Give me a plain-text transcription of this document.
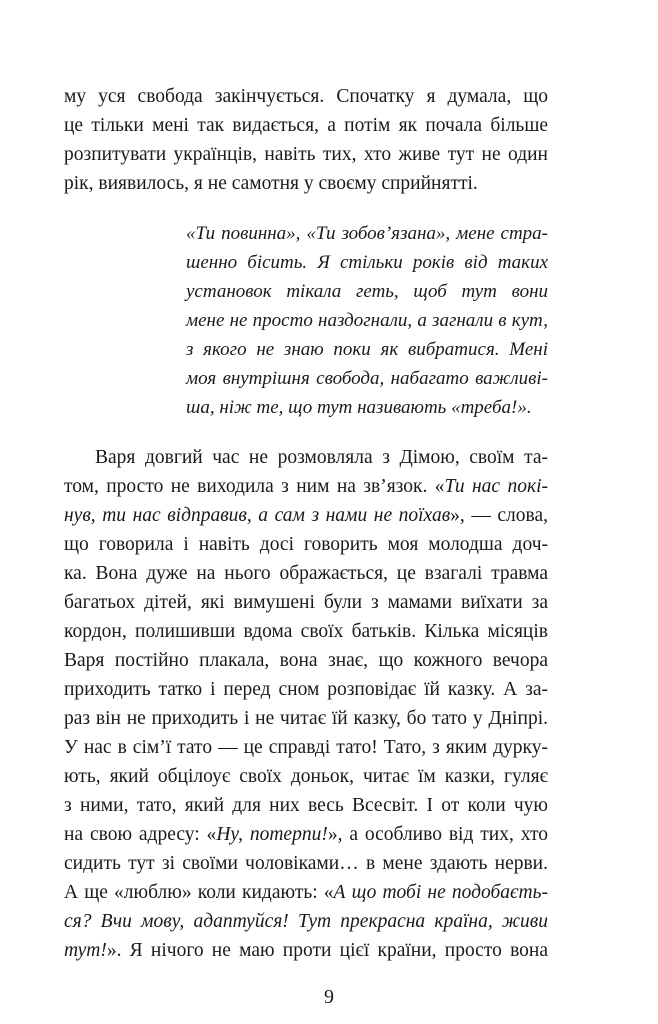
му уся свобода закінчується. Спочатку я думала, що
це тільки мені так видається, а потім як почала більше
розпитувати українців, навіть тих, хто живе тут не один
рік, виявилось, я не самотня у своєму сприйнятті.
«Ти повинна», «Ти зобов’язана», мене стра-
шенно бісить. Я стільки років від таких
установок тікала геть, щоб тут вони
мене не просто наздогнали, а загнали в кут,
з якого не знаю поки як вибратися. Мені
моя внутрішня свобода, набагато важливі-
ша, ніж те, що тут називають «треба!».
Варя довгий час не розмовляла з Дімою, своїм та-
том, просто не виходила з ним на зв’язок. «Ти нас покі-
нув, ти нас відправив, а сам з нами не поїхав», — слова,
що говорила і навіть досі говорить моя молодша доч-
ка. Вона дуже на нього ображається, це взагалі травма
багатьох дітей, які вимушені були з мамами виїхати за
кордон, полишивши вдома своїх батьків. Кілька місяців
Варя постійно плакала, вона знає, що кожного вечора
приходить татко і перед сном розповідає їй казку. А за-
раз він не приходить і не читає їй казку, бо тато у Дніпрі.
У нас в сім’ї тато — це справді тато! Тато, з яким дурку-
ють, який обцілоує своїх доньок, читає їм казки, гуляє
з ними, тато, який для них весь Всесвіт. І от коли чую
на свою адресу: «Ну, потерпи!», а особливо від тих, хто
сидить тут зі своїми чоловіками… в мене здають нерви.
А ще «люблю» коли кидають: «А що тобі не подобаєть-
ся? Вчи мову, адаптуйся! Тут прекрасна країна, живи
тут!». Я нічого не маю проти цієї країни, просто вона
9
